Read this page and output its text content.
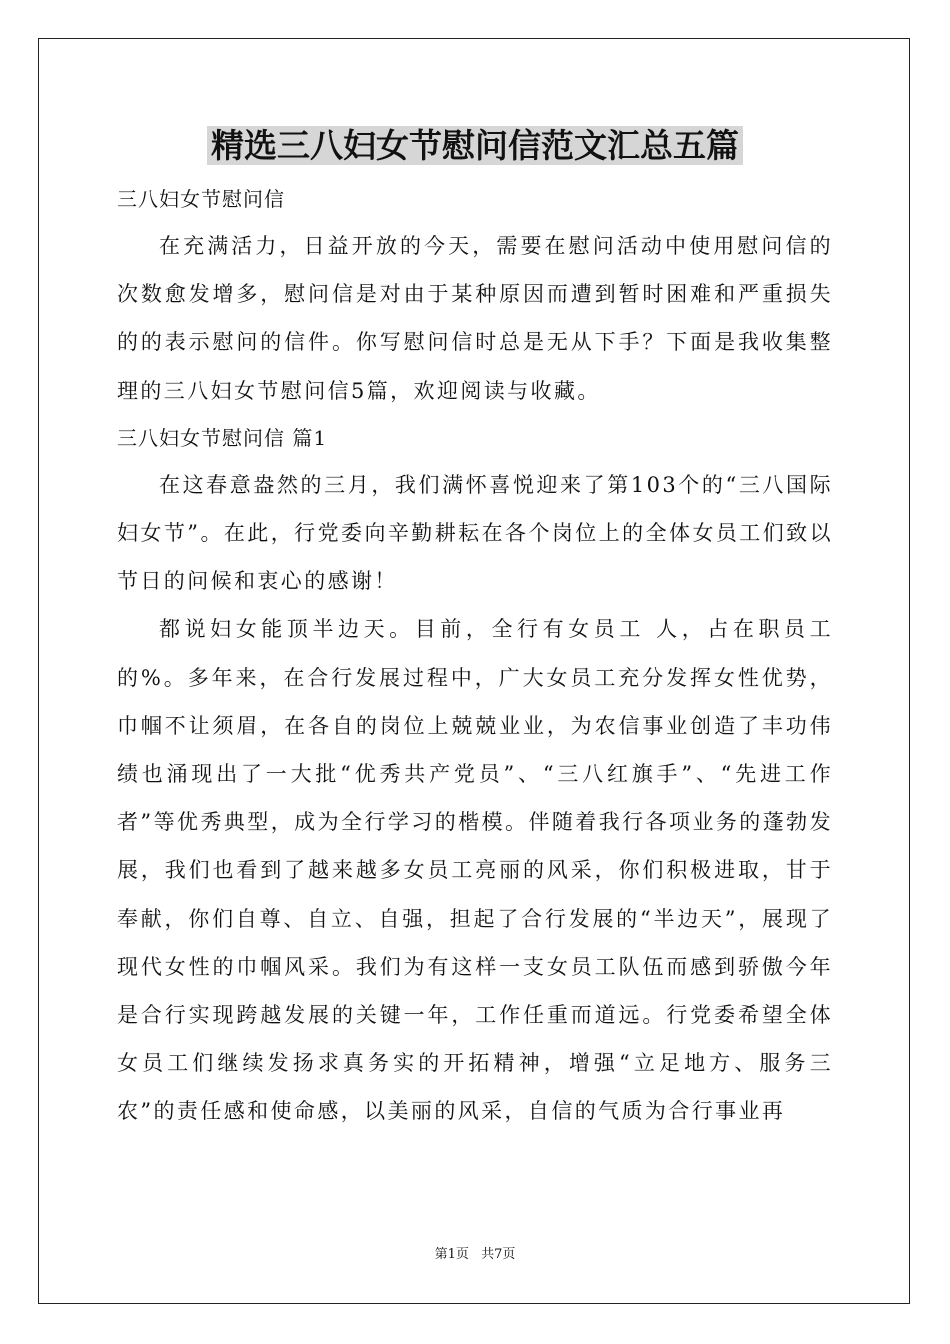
精选三八妇女节慰问信范文汇总五篇

三八妇女节慰问信

在充满活力，日益开放的今天，需要在慰问活动中使用慰问信的次数愈发增多，慰问信是对由于某种原因而遭到暂时困难和严重损失的的表示慰问的信件。你写慰问信时总是无从下手？下面是我收集整理的三八妇女节慰问信5篇，欢迎阅读与收藏。

三八妇女节慰问信 篇1

在这春意盎然的三月，我们满怀喜悦迎来了第103个的“三八国际妇女节”。在此，行党委向辛勤耕耘在各个岗位上的全体女员工们致以节日的问候和衷心的感谢！

都说妇女能顶半边天。目前，全行有女员工 人，占在职员工的%。多年来，在合行发展过程中，广大女员工充分发挥女性优势，巾帼不让须眉，在各自的岗位上兢兢业业，为农信事业创造了丰功伟绩也涌现出了一大批“优秀共产党员”、“三八红旗手”、“先进工作者”等优秀典型，成为全行学习的楷模。伴随着我行各项业务的蓬勃发展，我们也看到了越来越多女员工亮丽的风采，你们积极进取，甘于奉献，你们自尊、自立、自强，担起了合行发展的“半边天”，展现了现代女性的巾帼风采。我们为有这样一支女员工队伍而感到骄傲今年是合行实现跨越发展的关键一年，工作任重而道远。行党委希望全体女员工们继续发扬求真务实的开拓精神，增强“立足地方、服务三农”的责任感和使命感，以美丽的风采，自信的气质为合行事业再

第1页 共7页
